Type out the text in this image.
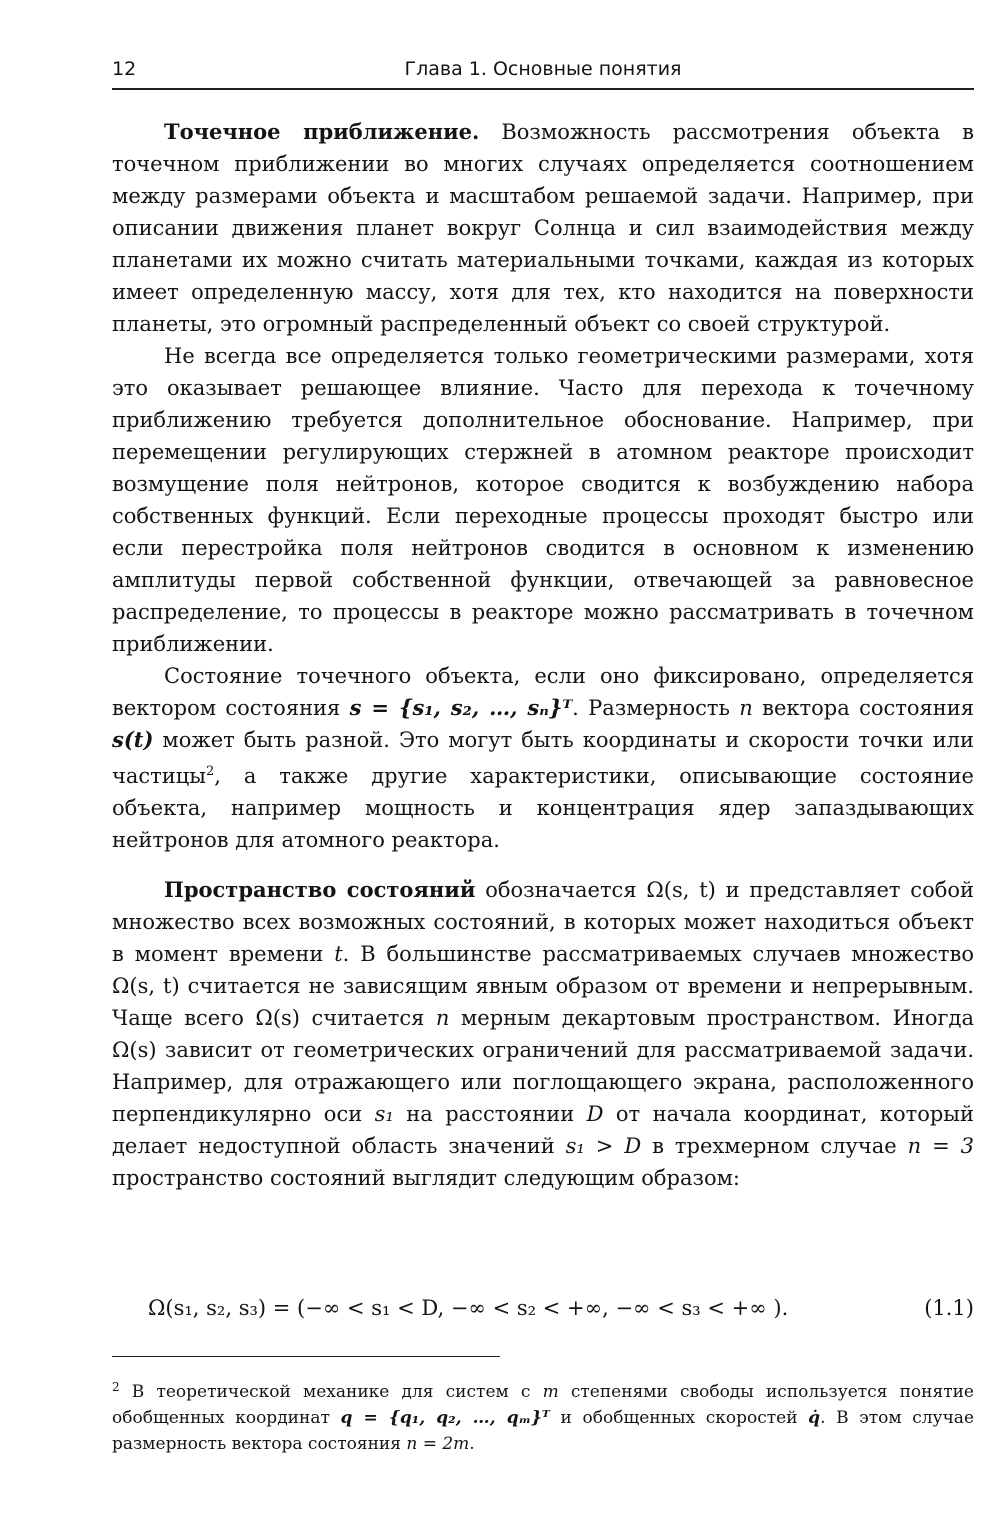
12	Глава 1. Основные понятия

Точечное приближение. Возможность рассмотрения объекта в точечном приближении во многих случаях определяется соотношением между размерами объекта и масштабом решаемой задачи. Например, при описании движения планет вокруг Солнца и сил взаимодействия между планетами их можно считать материальными точками, каждая из которых имеет определенную массу, хотя для тех, кто находится на поверхности планеты, это огромный распределенный объект со своей структурой.

Не всегда все определяется только геометрическими размерами, хотя это оказывает решающее влияние. Часто для перехода к точечному приближению требуется дополнительное обоснование. Например, при перемещении регулирующих стержней в атомном реакторе происходит возмущение поля нейтронов, которое сводится к возбуждению набора собственных функций. Если переходные процессы проходят быстро или если перестройка поля нейтронов сводится в основном к изменению амплитуды первой собственной функции, отвечающей за равновесное распределение, то процессы в реакторе можно рассматривать в точечном приближении.

Состояние точечного объекта, если оно фиксировано, определяется вектором состояния s = {s₁, s₂, …, sₙ}ᵀ. Размерность n вектора состояния s(t) может быть разной. Это могут быть координаты и скорости точки или частицы$^2$, а также другие характеристики, описывающие состояние объекта, например мощность и концентрация ядер запаздывающих нейтронов для атомного реактора.

Пространство состояний обозначается Ω(s, t) и представляет собой множество всех возможных состояний, в которых может находиться объект в момент времени t. В большинстве рассматриваемых случаев множество Ω(s, t) считается не зависящим явным образом от времени и непрерывным. Чаще всего Ω(s) считается n мерным декартовым пространством. Иногда Ω(s) зависит от геометрических ограничений для рассматриваемой задачи. Например, для отражающего или поглощающего экрана, расположенного перпендикулярно оси s₁ на расстоянии D от начала координат, который делает недоступной область значений s₁ > D в трехмерном случае n = 3 пространство состояний выглядит следующим образом:

Ω(s₁, s₂, s₃) = (−∞ < s₁ < D, −∞ < s₂ < +∞, −∞ < s₃ < +∞ ).	(1.1)
$^2$ В теоретической механике для систем с m степенями свободы используется понятие обобщенных координат q = {q₁, q₂, …, qₘ}ᵀ и обобщенных скоростей q̇. В этом случае размерность вектора состояния n = 2m.
